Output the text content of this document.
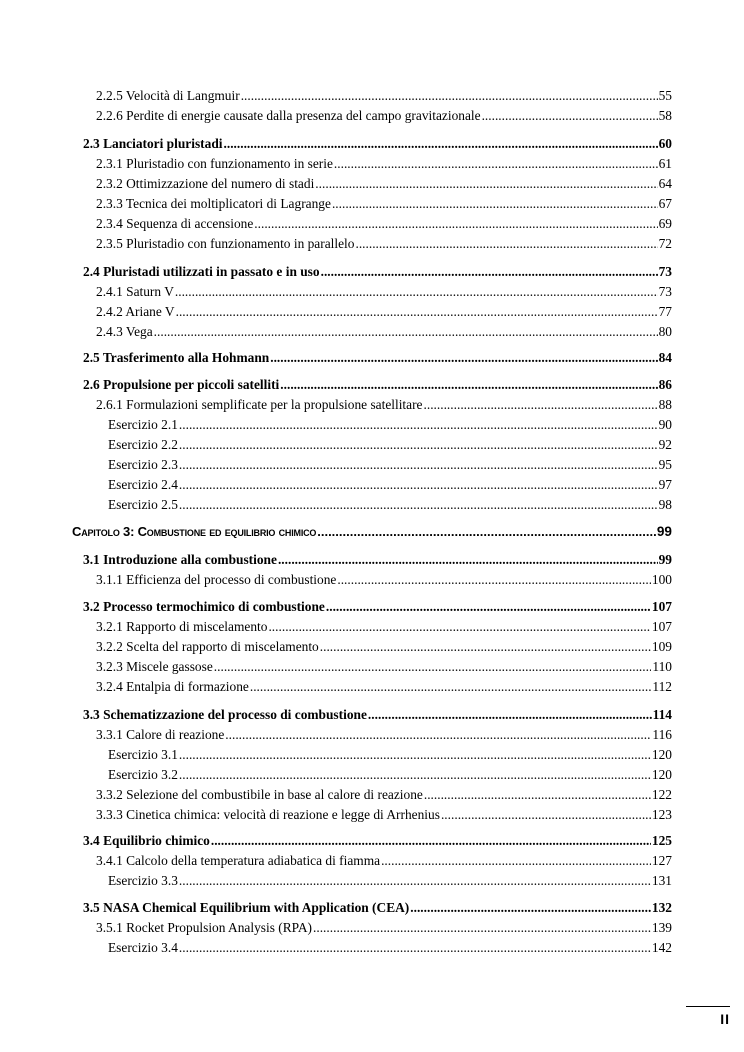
2.2.5 Velocità di Langmuir .....	55
2.2.6 Perdite di energie causate dalla presenza del campo gravitazionale .....	58
2.3 Lanciatori pluristadi .....	60
2.3.1 Pluristadio con funzionamento in serie .....	61
2.3.2 Ottimizzazione del numero di stadi .....	64
2.3.3 Tecnica dei moltiplicatori di Lagrange .....	67
2.3.4 Sequenza di accensione .....	69
2.3.5 Pluristadio con funzionamento in parallelo .....	72
2.4 Pluristadi utilizzati in passato e in uso .....	73
2.4.1 Saturn V .....	73
2.4.2 Ariane V .....	77
2.4.3 Vega .....	80
2.5 Trasferimento alla Hohmann .....	84
2.6 Propulsione per piccoli satelliti .....	86
2.6.1 Formulazioni semplificate per la propulsione satellitare .....	88
Esercizio 2.1 .....	90
Esercizio 2.2 .....	92
Esercizio 2.3 .....	95
Esercizio 2.4 .....	97
Esercizio 2.5 .....	98
Capitolo 3: Combustione ed equilibrio chimico .....	99
3.1 Introduzione alla combustione .....	99
3.1.1 Efficienza del processo di combustione .....	100
3.2 Processo termochimico di combustione .....	107
3.2.1 Rapporto di miscelamento .....	107
3.2.2 Scelta del rapporto di miscelamento .....	109
3.2.3 Miscele gassose .....	110
3.2.4 Entalpia di formazione .....	112
3.3 Schematizzazione del processo di combustione .....	114
3.3.1 Calore di reazione .....	116
Esercizio 3.1 .....	120
Esercizio 3.2 .....	120
3.3.2 Selezione del combustibile in base al calore di reazione .....	122
3.3.3 Cinetica chimica: velocità di reazione e legge di Arrhenius .....	123
3.4 Equilibrio chimico .....	125
3.4.1 Calcolo della temperatura adiabatica di fiamma .....	127
Esercizio 3.3 .....	131
3.5 NASA Chemical Equilibrium with Application (CEA) .....	132
3.5.1 Rocket Propulsion Analysis (RPA) .....	139
Esercizio 3.4 .....	142
II
